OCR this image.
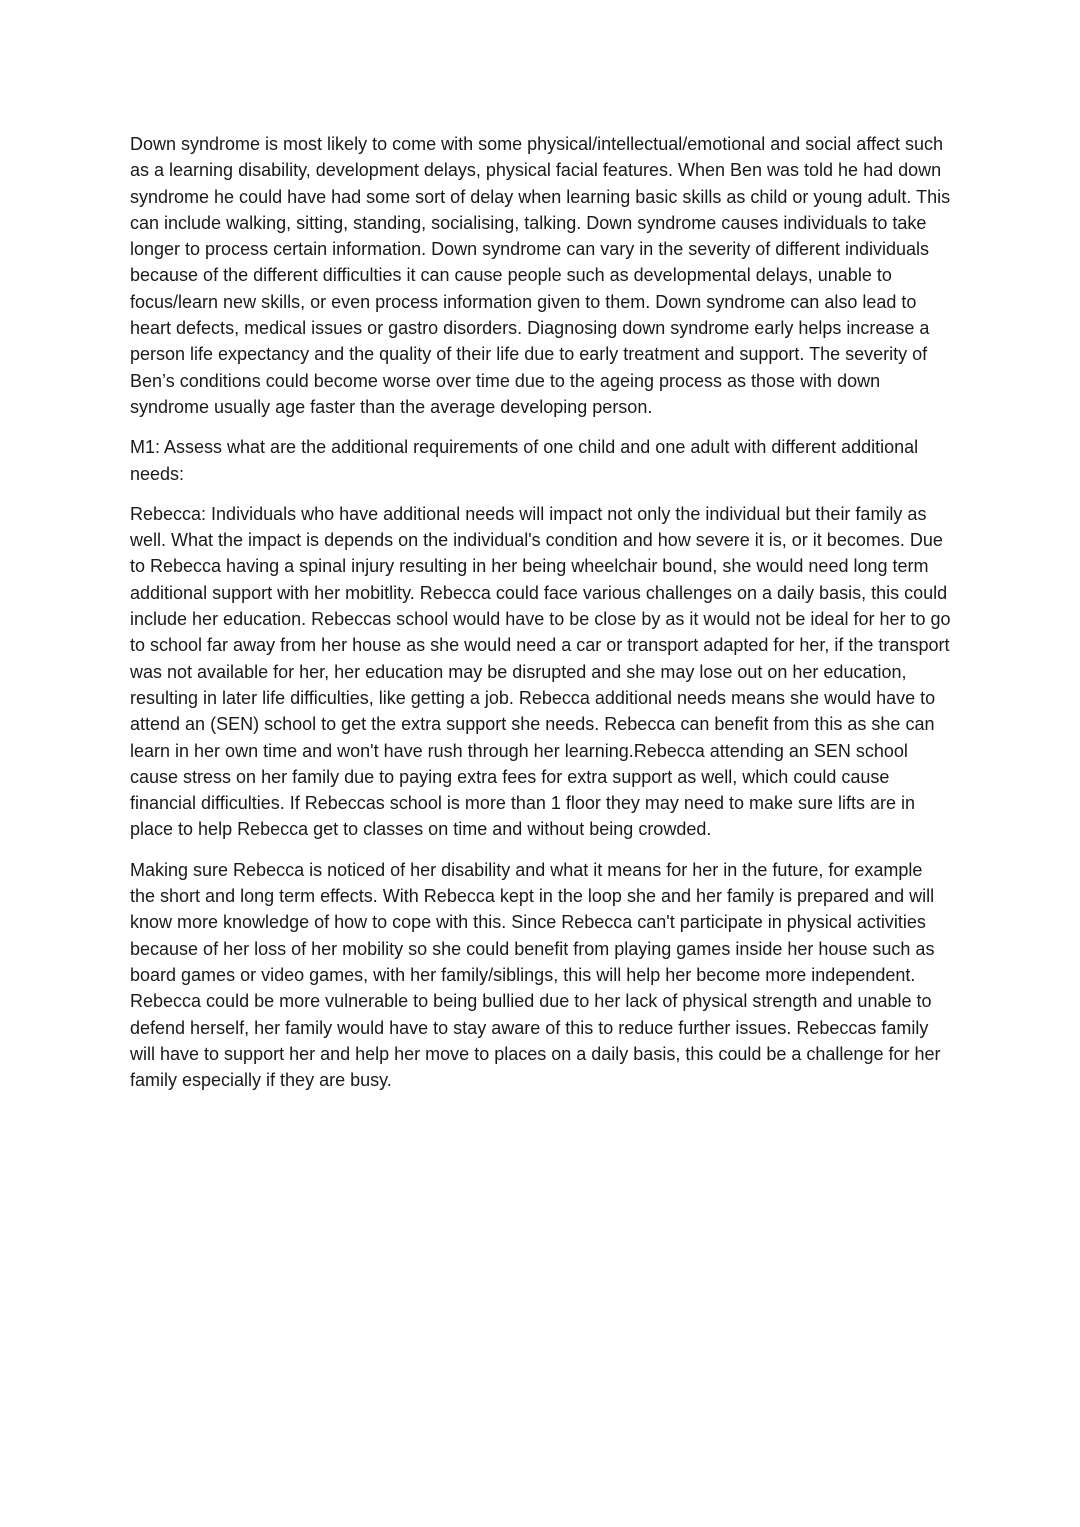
Down syndrome is most likely to come with some physical/intellectual/emotional and social affect such as a learning disability, development delays, physical facial features. When Ben was told he had down syndrome he could have had some sort of delay when learning basic skills as child or young adult. This can include walking, sitting, standing, socialising, talking. Down syndrome causes individuals to take longer to process certain information. Down syndrome can vary in the severity of different individuals because of the different difficulties it can cause people such as developmental delays, unable to focus/learn new skills, or even process information given to them. Down syndrome can also lead to heart defects, medical issues or gastro disorders. Diagnosing down syndrome early helps increase a person life expectancy and the quality of their life due to early treatment and support. The severity of Ben’s conditions could become worse over time due to the ageing process as those with down syndrome usually age faster than the average developing person.

M1: Assess what are the additional requirements of one child and one adult with different additional needs:

Rebecca: Individuals who have additional needs will impact not only the individual but their family as well. What the impact is depends on the individual's condition and how severe it is, or it becomes. Due to Rebecca having a spinal injury resulting in her being wheelchair bound, she would need long term additional support with her mobitlity. Rebecca could face various challenges on a daily basis, this could include her education. Rebeccas school would have to be close by as it would not be ideal for her to go to school far away from her house as she would need a car or transport adapted for her, if the transport was not available for her, her education may be disrupted and she may lose out on her education, resulting in later life difficulties, like getting a job. Rebecca additional needs means she would have to attend an (SEN) school to get the extra support she needs. Rebecca can benefit from this as she can learn in her own time and won't have rush through her learning.Rebecca attending an SEN school cause stress on her family due to paying extra fees for extra support as well, which could cause financial difficulties. If Rebeccas school is more than 1 floor they may need to make sure lifts are in place to help Rebecca get to classes on time and without being crowded.

Making sure Rebecca is noticed of her disability and what it means for her in the future, for example the short and long term effects. With Rebecca kept in the loop she and her family is prepared and will know more knowledge of how to cope with this. Since Rebecca can't participate in physical activities because of her loss of her mobility so she could benefit from playing games inside her house such as board games or video games, with her family/siblings, this will help her become more independent. Rebecca could be more vulnerable to being bullied due to her lack of physical strength and unable to defend herself, her family would have to stay aware of this to reduce further issues. Rebeccas family will have to support her and help her move to places on a daily basis, this could be a challenge for her family especially if they are busy.
